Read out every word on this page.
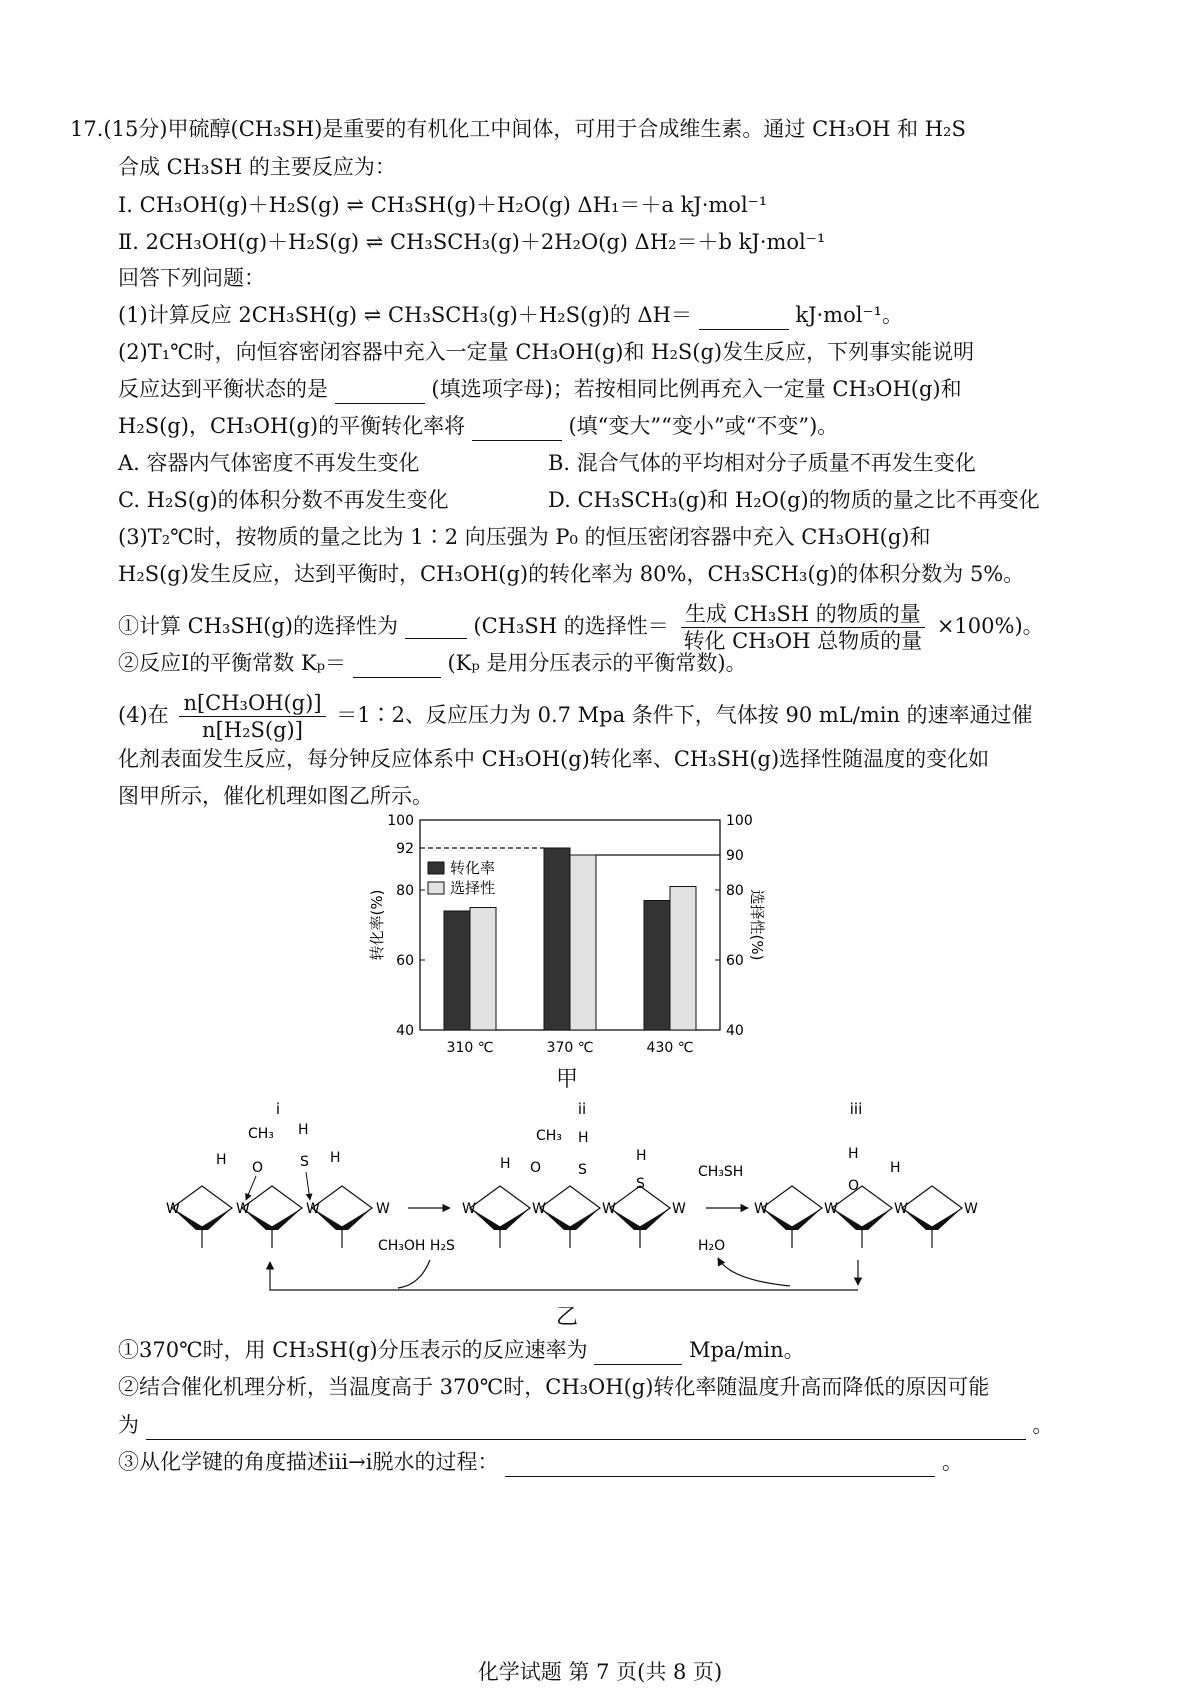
17.(15分)甲硫醇(CH₃SH)是重要的有机化工中间体，可用于合成维生素。通过 CH₃OH 和 H₂S
合成 CH₃SH 的主要反应为：
Ⅰ. CH₃OH(g)＋H₂S(g) ⇌ CH₃SH(g)＋H₂O(g) ΔH₁＝＋a kJ·mol⁻¹
Ⅱ. 2CH₃OH(g)＋H₂S(g) ⇌ CH₃SCH₃(g)＋2H₂O(g) ΔH₂＝＋b kJ·mol⁻¹
回答下列问题：
(1)计算反应 2CH₃SH(g) ⇌ CH₃SCH₃(g)＋H₂S(g)的 ΔH＝	kJ·mol⁻¹。
(2)T₁℃时，向恒容密闭容器中充入一定量 CH₃OH(g)和 H₂S(g)发生反应，下列事实能说明
反应达到平衡状态的是	(填选项字母)；若按相同比例再充入一定量 CH₃OH(g)和
H₂S(g)，CH₃OH(g)的平衡转化率将	(填“变大”“变小”或“不变”)。
A. 容器内气体密度不再发生变化	B. 混合气体的平均相对分子质量不再发生变化
C. H₂S(g)的体积分数不再发生变化	D. CH₃SCH₃(g)和 H₂O(g)的物质的量之比不再变化
(3)T₂℃时，按物质的量之比为 1∶2 向压强为 P₀ 的恒压密闭容器中充入 CH₃OH(g)和
H₂S(g)发生反应，达到平衡时，CH₃OH(g)的转化率为 80%，CH₃SCH₃(g)的体积分数为 5%。
①计算 CH₃SH(g)的选择性为	(CH₃SH 的选择性＝ $\frac{\text{生成 CH₃SH 的物质的量}}{\text{转化 CH₃OH 总物质的量}} \times 100\%$)。
②反应Ⅰ的平衡常数 Kₚ＝	(Kₚ 是用分压表示的平衡常数)。
(4)在 $\frac{\text{n[CH₃OH(g)]}}{\text{n[H₂S(g)]}}$ ＝1∶2、反应压力为 0.7 Mpa 条件下，气体按 90 mL/min 的速率通过催
化剂表面发生反应，每分钟反应体系中 CH₃OH(g)转化率、CH₃SH(g)选择性随温度的变化如
图甲所示，催化机理如图乙所示。
40
60
80
92
100
40
60
80
90
100
310 ℃	370 ℃	430 ℃
转化率
选择性
转化率(%)	选择性(%)
甲
i	ii	iii
W	W	W	W
CH₃
O
H
H
S H
W	W	W	W
CH₃
O
H
H
S
H
S
CH₃SH
W	W	W	W
H
O
H
CH₃OH H₂S	H₂O
乙
①370℃时，用 CH₃SH(g)分压表示的反应速率为	Mpa/min。
②结合催化机理分析，当温度高于 370℃时，CH₃OH(g)转化率随温度升高而降低的原因可能
为	。
③从化学键的角度描述ⅲ→ⅰ脱水的过程：	。
化学试题 第 7 页(共 8 页)
